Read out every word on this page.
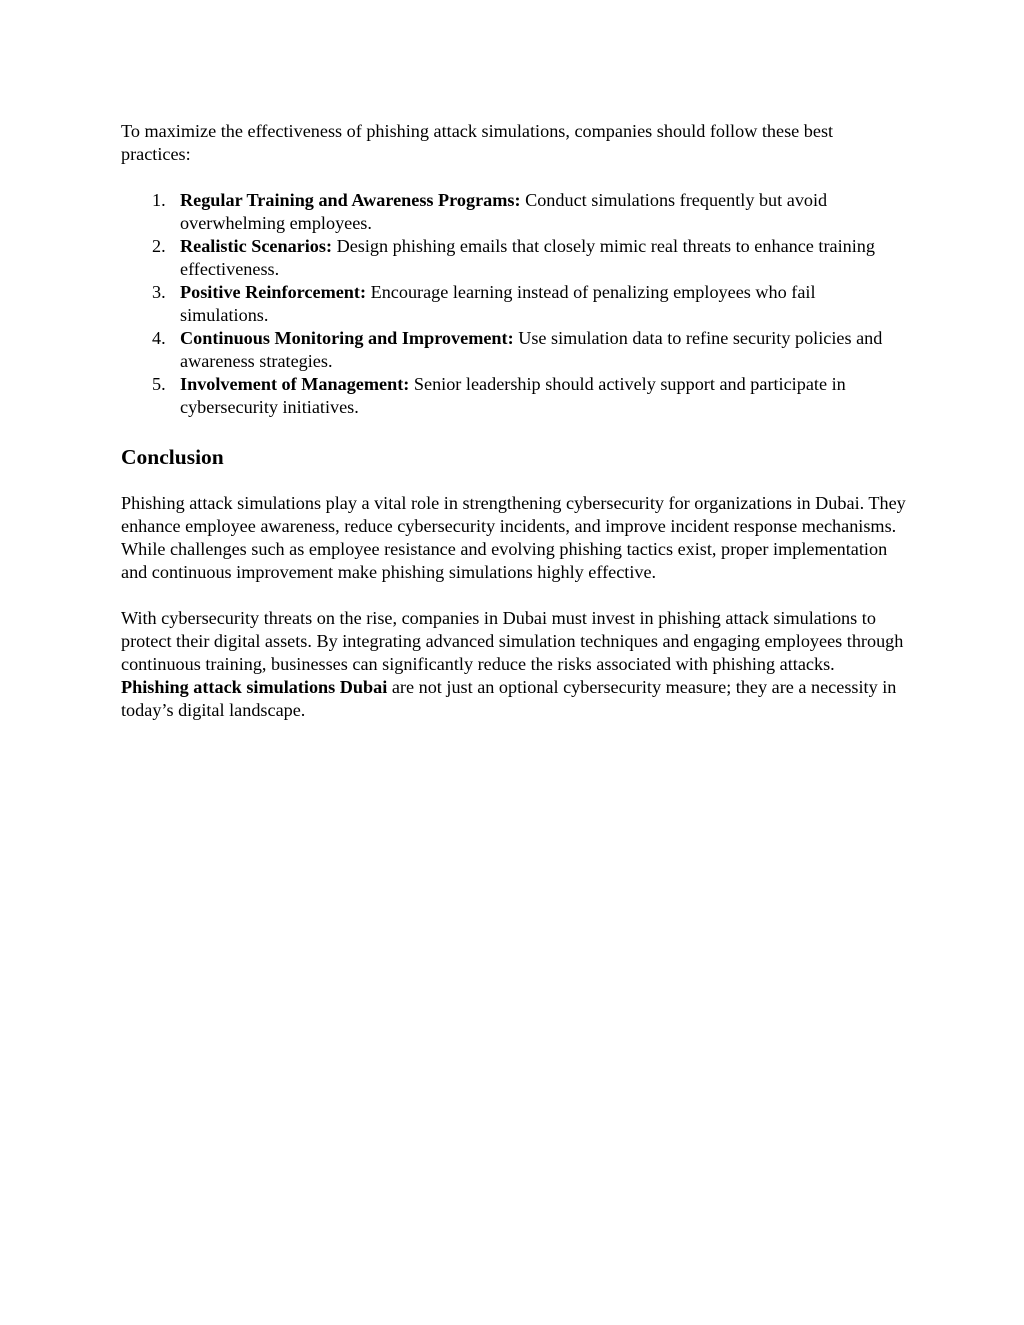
To maximize the effectiveness of phishing attack simulations, companies should follow these best practices:

1. Regular Training and Awareness Programs: Conduct simulations frequently but avoid overwhelming employees.
2. Realistic Scenarios: Design phishing emails that closely mimic real threats to enhance training effectiveness.
3. Positive Reinforcement: Encourage learning instead of penalizing employees who fail simulations.
4. Continuous Monitoring and Improvement: Use simulation data to refine security policies and awareness strategies.
5. Involvement of Management: Senior leadership should actively support and participate in cybersecurity initiatives.
Conclusion

Phishing attack simulations play a vital role in strengthening cybersecurity for organizations in Dubai. They enhance employee awareness, reduce cybersecurity incidents, and improve incident response mechanisms. While challenges such as employee resistance and evolving phishing tactics exist, proper implementation and continuous improvement make phishing simulations highly effective.

With cybersecurity threats on the rise, companies in Dubai must invest in phishing attack simulations to protect their digital assets. By integrating advanced simulation techniques and engaging employees through continuous training, businesses can significantly reduce the risks associated with phishing attacks. Phishing attack simulations Dubai are not just an optional cybersecurity measure; they are a necessity in today’s digital landscape.
